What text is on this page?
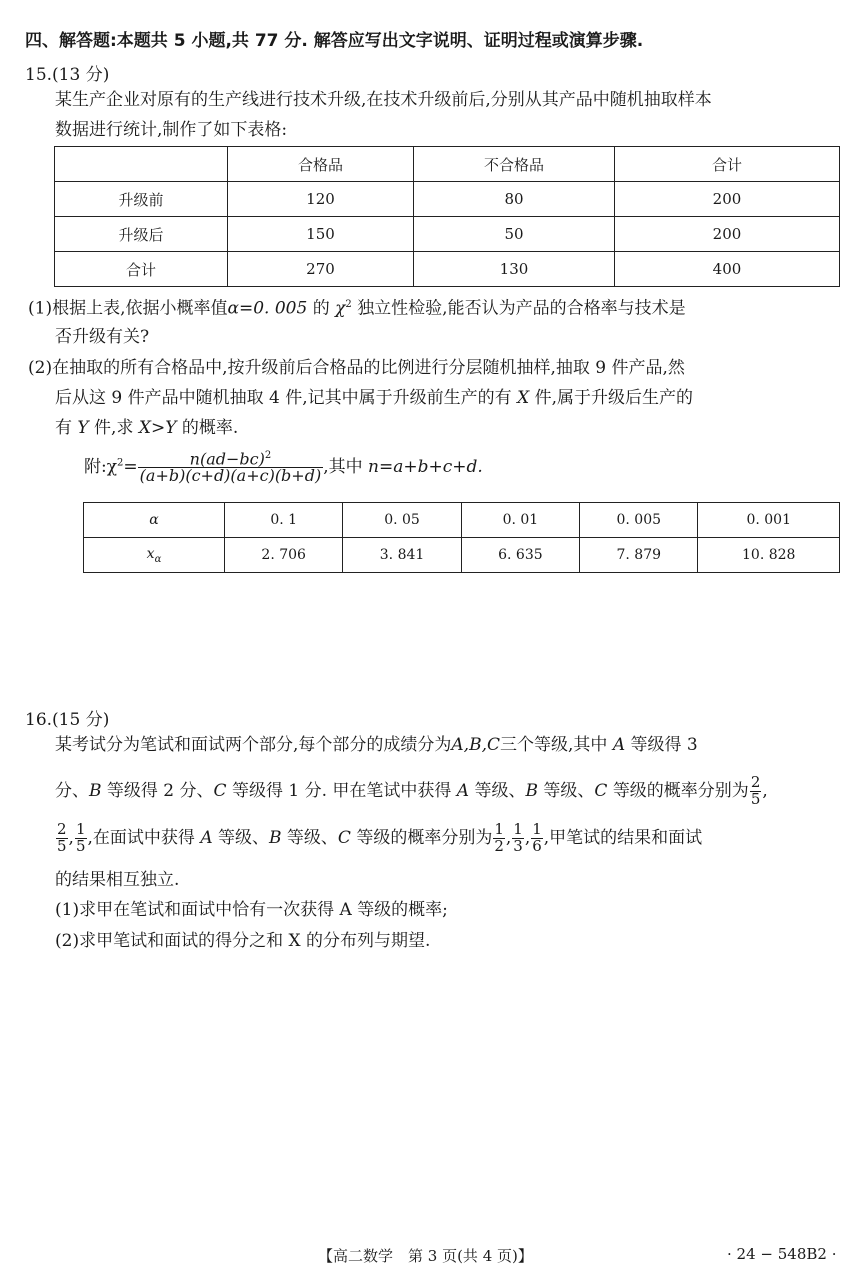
四、解答题:本题共 5 小题,共 77 分. 解答应写出文字说明、证明过程或演算步骤.
15.(13 分)
某生产企业对原有的生产线进行技术升级,在技术升级前后,分别从其产品中随机抽取样本
数据进行统计,制作了如下表格:
	合格品	不合格品	合计
升级前	120	80	200
升级后	150	50	200
合计	270	130	400
(1)根据上表,依据小概率值α=0. 005 的 $\chi^2$ 独立性检验,能否认为产品的合格率与技术是
否升级有关?
(2)在抽取的所有合格品中,按升级前后合格品的比例进行分层随机抽样,抽取 9 件产品,然
后从这 9 件产品中随机抽取 4 件,记其中属于升级前生产的有 X 件,属于升级后生产的
有 Y 件,求 X>Y 的概率.
附$:\chi^2= \frac{n(ad-bc)^2}{(a+b)(c+d)(a+c)(b+d)}$ ,其中 n=a+b+c+d.
α	0. 1	0. 05	0. 01	0. 005	0. 001
$x_\alpha$	2. 706	3. 841	6. 635	7. 879	10. 828
16.(15 分)
某考试分为笔试和面试两个部分,每个部分的成绩分为A,B,C三个等级,其中 A 等级得 3
分、B 等级得 2 分、C 等级得 1 分. 甲在笔试中获得 A 等级、B 等级、C 等级的概率分别为 $\frac{2}{5}$ ,
$\frac{2}{5}$ , $\frac{1}{5}$ ,在面试中获得 A 等级、B 等级、C 等级的概率分别为 $\frac{1}{2}$ , $\frac{1}{3}$ , $\frac{1}{6}$ ,甲笔试的结果和面试
的结果相互独立.
(1)求甲在笔试和面试中恰有一次获得 A 等级的概率;
(2)求甲笔试和面试的得分之和 X 的分布列与期望.
【高二数学　第 3 页(共 4 页)】	· 24 − 548B2 ·
